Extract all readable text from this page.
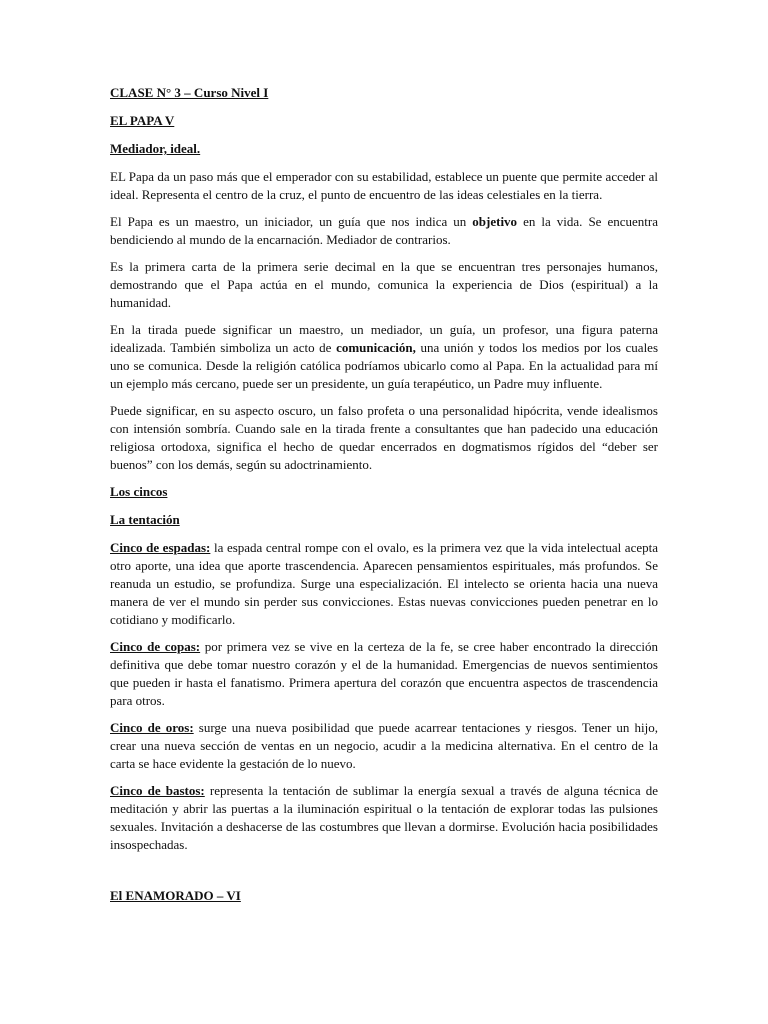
CLASE N° 3 – Curso Nivel I
EL PAPA V
Mediador, ideal.
EL Papa da un paso más que el emperador con su estabilidad, establece un puente que permite acceder al ideal. Representa el centro de la cruz, el punto de encuentro de las ideas celestiales en la tierra.
El Papa es un maestro, un iniciador, un guía que nos indica un objetivo en la vida. Se encuentra bendiciendo al mundo de la encarnación. Mediador de contrarios.
Es la primera carta de la primera serie decimal en la que se encuentran tres personajes humanos, demostrando que el Papa actúa en el mundo, comunica la experiencia de Dios (espiritual) a la humanidad.
En la tirada puede significar un maestro, un mediador, un guía, un profesor, una figura paterna idealizada. También simboliza un acto de comunicación, una unión y todos los medios por los cuales uno se comunica. Desde la religión católica podríamos ubicarlo como al Papa. En la actualidad para mí un ejemplo más cercano, puede ser un presidente, un guía terapéutico, un Padre muy influente.
Puede significar, en su aspecto oscuro, un falso profeta o una personalidad hipócrita, vende idealismos con intensión sombría. Cuando sale en la tirada frente a consultantes que han padecido una educación religiosa ortodoxa, significa el hecho de quedar encerrados en dogmatismos rígidos del “deber ser buenos” con los demás, según su adoctrinamiento.
Los cincos
La tentación
Cinco de espadas: la espada central rompe con el ovalo, es la primera vez que la vida intelectual acepta otro aporte, una idea que aporte trascendencia. Aparecen pensamientos espirituales, más profundos. Se reanuda un estudio, se profundiza. Surge una especialización. El intelecto se orienta hacia una nueva manera de ver el mundo sin perder sus convicciones. Estas nuevas convicciones pueden penetrar en lo cotidiano y modificarlo.
Cinco de copas: por primera vez se vive en la certeza de la fe, se cree haber encontrado la dirección definitiva que debe tomar nuestro corazón y el de la humanidad. Emergencias de nuevos sentimientos que pueden ir hasta el fanatismo. Primera apertura del corazón que encuentra aspectos de trascendencia para otros.
Cinco de oros: surge una nueva posibilidad que puede acarrear tentaciones y riesgos. Tener un hijo, crear una nueva sección de ventas en un negocio, acudir a la medicina alternativa. En el centro de la carta se hace evidente la gestación de lo nuevo.
Cinco de bastos: representa la tentación de sublimar la energía sexual a través de alguna técnica de meditación y abrir las puertas a la iluminación espiritual o la tentación de explorar todas las pulsiones sexuales. Invitación a deshacerse de las costumbres que llevan a dormirse. Evolución hacia posibilidades insospechadas.
El ENAMORADO – VI
